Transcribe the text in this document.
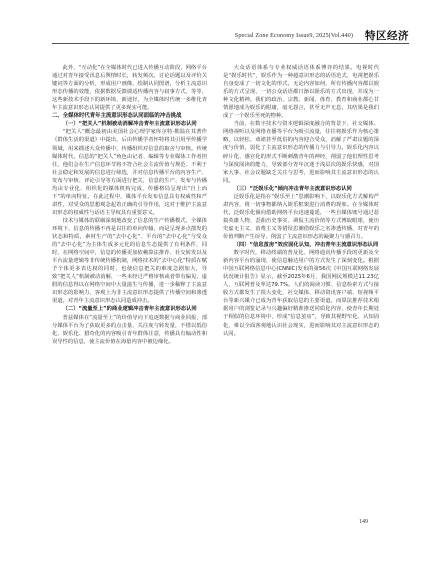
Special Zone Economy Issue9, 2025(Vol.440) 特区经济

此外，“互动化”在全媒体时代已进入传播互动阶段，网络平台通过对青年接受讯息后舆情时长，转发频次，讨论话题以及评价关键词等方面的分析，形成用户画像，绘制认同图谱，分析主流意识形态传播的效能，依据数据反馈调适传播内容与叙事方式，等等，这些新技术手段下的新环境、新途径，为全媒体时代统一多维化青年主流意识形态认同提供了更多现实可能。

二、全媒体时代青年主流意识形态认同面临的冲击挑战
（一）“把关人”机制被动消解冲击青年主流意识形态认同

“把关人”概念最初由美国社会心理学家库尔特·勒温在其著作《群体生活的渠道》中提出，后由传播学者怀特将其引用至传播学领域，用来描述大众传播中，传播组织对信息的取舍与审核。传统媒体时代，信息的“把关人”角色由记者、编辑等专业媒体工作者担任，他们会在生产信息环节将不符合社会主流价值与规范、不利于社会稳定和发展的信息进行筛选，并对信息传播平台的内容生产、发布与审核、评论引导等方面进行把关，信息的生产、发布与传播均由专业化、组织化的媒体机构完成，传播格局呈现出“自上而下”的单向特征。在此过程中，媒体平台发布信息具有权威性和严肃性，对受众的思想观念起着正确的引导作用，这对于维护主流意识形态的权威性与话语主导权具有重要意义。

技术与媒体的联姻深刻地改变了信息的生产传播模式，全媒体环境下，信息的传播不再是以往的单向传输，而是呈现多点散发的状态和特质，素材生产的“去中心化”、平台的“去中心化”与受众的“去中心化”为主体生成多元化的信息生态提供了有利条件，同时，在网络空间中，信息的传播更加依赖算法推荐、社交转发以及平台流量逻辑等非传统传播机制，网络技术的“去中心化”特质在赋予个体更多表达权的同时，也使信息把关的难度急剧加大，导致“把关人”机制被动消解，一些未经过严格审核或者带有偏见、虚假的信息得以在网络空间中大量滋生与传播，进一步稀释了主流意识形态的影响力，客观上为非主流意识形态提供了传播空间和渗透渠道，对青年主流意识形态认同造成冲击。

（二）“流量至上”的商业逻辑冲击青年主流意识形态认同

普兹媒体在“流量至上”的价值导向下追逐数据与商业回报，部分媒体平台为了获取更多的点击量、关注度与转发量，不惜以低俗化、娱乐化、猎奇化的内容吸引青年群体注意，传播具有煽动性和误导性的信息，使主流价值在海量内容中被边缘化。

大众话语体系与专业权威话语体系博弈的结果。电视时代是“娱乐时代”，娱乐作为一种超意识形态的话语范式，电视把娱乐自身变成了一切文化的形式，无论内容如何，所有传播内容都以娱乐的方式呈现，一切公众话语都日渐以娱乐的方式出现，并成为一种文化精神。我们的政治、宗教、新闻、体育、教育和商业都心甘情愿地成为娱乐的附庸，毫无怨言，甚至无声无息，其结果是我们成了一个娱乐至死的物种。

当前，在数字技术与资本逻辑深度融合的背景下，社交媒体、网络视听以及网络直播等平台为吸引流量，往往将娱乐作为核心策略，以轻松、戏谑甚至低俗的内容迎合受众，消解了严肃议题的深度与价值，弱化了主流意识形态的传播力与引导力。娱乐化内容以碎片化、感官化的形式不断刺激青年的神经，削弱了他们理性思考与深度阅读的能力，导致部分青年沉迷于浅层次的娱乐快感，对国家大事、社会议题缺乏关注与思考，进而影响其主流意识形态的认同。

（三）“泛娱乐化”倾向冲击青年主流意识形态认同

泛娱乐化是指在“娱乐至上”思潮影响下，以娱乐化方式解构严肃内容，将一切事物都纳入娱乐框架进行消费的现象。在全媒体时代，泛娱乐化倾向借助网络平台迅速蔓延，一些自媒体账号通过恶搞英雄人物、歪曲历史事实、调侃主流价值等方式博取眼球，使历史虚无主义、消费主义等错误思潮借娱乐之名渗透传播，对青年的价值判断产生误导，削弱了主流意识形态的凝聚力与感召力。

（四）“信息茧房”效应固化认知，冲击青年主流意识形态认同

数字时代，移动终端的普及化、网络通讯传播手段的更新及全新内容平台的涌现，使信息触达用户的方式发生了深刻变化。根据中国互联网络信息中心(CNNIC)发布的第56次《中国互联网络发展状况统计报告》显示，截至2025年6月，我国网民规模达11.23亿人，互联网普及率达79.7%。人们的阅读习惯、信息检索方式与接收方式都发生了很大变化，社交媒体、移动资讯客户端、短视频平台等新兴媒介已成为青年获取信息的主要渠道，而算法推荐技术根据用户的浏览记录与兴趣偏好精准推送同质化内容，使青年长期处于相似的信息环境中，形成“信息茧房”，导致其视野窄化、认知固化，难以全面客观地认识社会现实，进而影响其对主流意识形态的认同。

149
